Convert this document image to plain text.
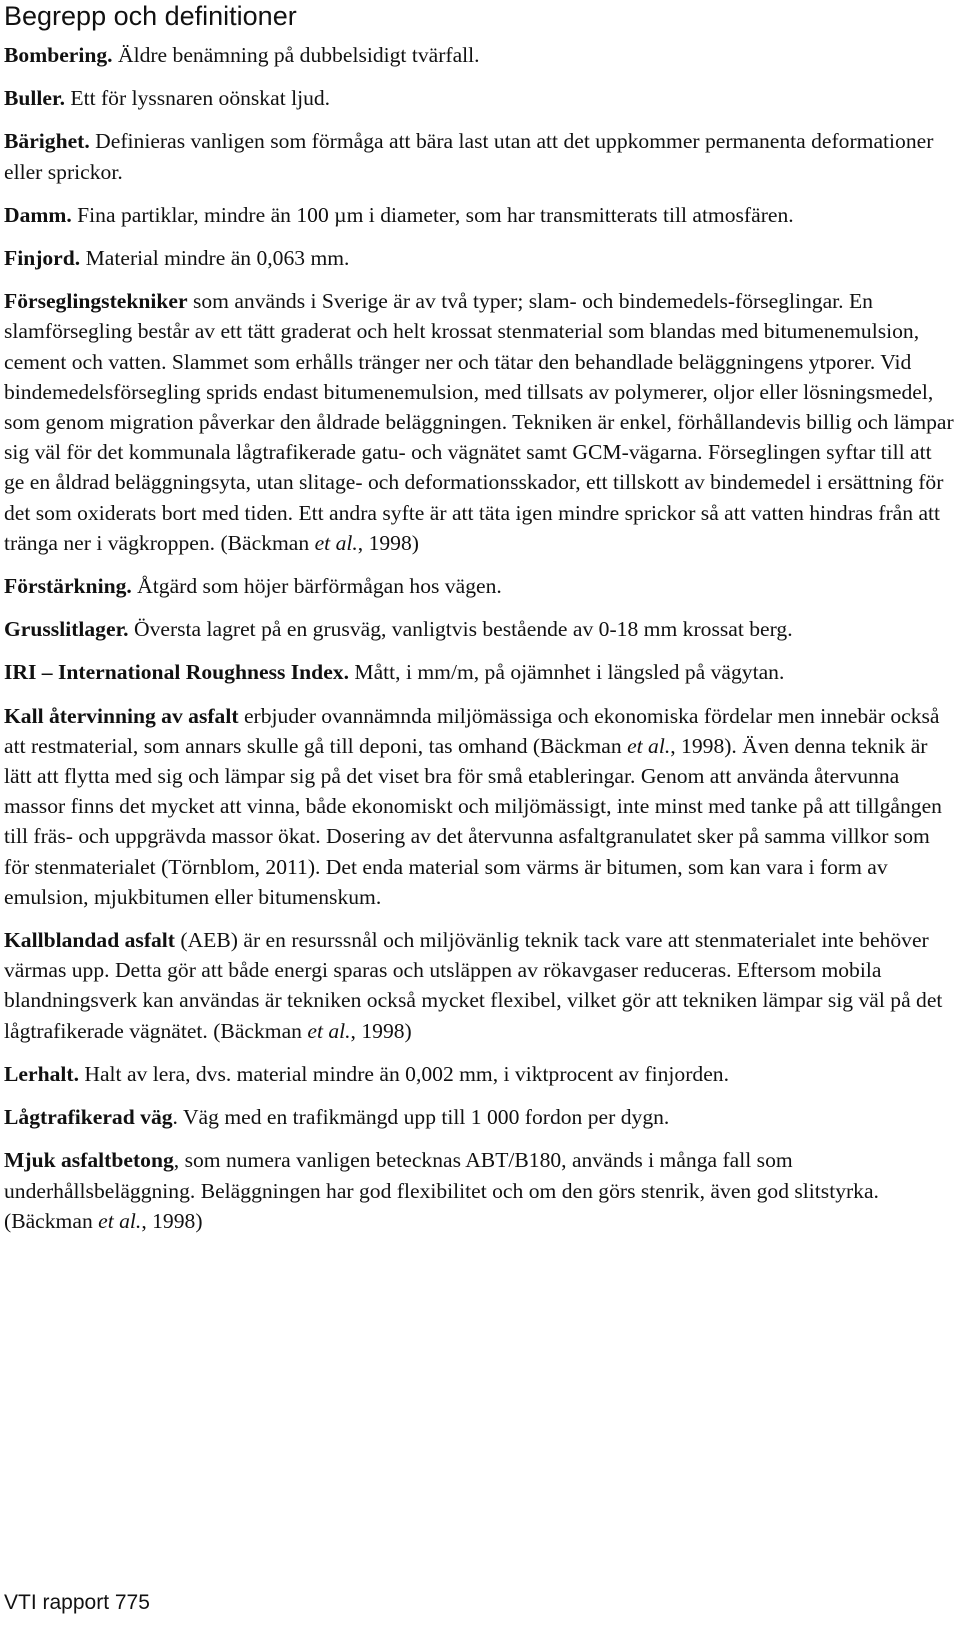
Begrepp och definitioner

Bombering. Äldre benämning på dubbelsidigt tvärfall.

Buller. Ett för lyssnaren oönskat ljud.

Bärighet. Definieras vanligen som förmåga att bära last utan att det uppkommer permanenta deformationer eller sprickor.

Damm. Fina partiklar, mindre än 100 µm i diameter, som har transmitterats till atmosfären.

Finjord. Material mindre än 0,063 mm.

Förseglingstekniker som används i Sverige är av två typer; slam- och bindemedels-förseglingar. En slamförsegling består av ett tätt graderat och helt krossat stenmaterial som blandas med bitumenemulsion, cement och vatten. Slammet som erhålls tränger ner och tätar den behandlade beläggningens ytporer. Vid bindemedelsförsegling sprids endast bitumenemulsion, med tillsats av polymerer, oljor eller lösningsmedel, som genom migration påverkar den åldrade beläggningen. Tekniken är enkel, förhållandevis billig och lämpar sig väl för det kommunala lågtrafikerade gatu- och vägnätet samt GCM-vägarna. Förseglingen syftar till att ge en åldrad beläggningsyta, utan slitage- och deformationsskador, ett tillskott av bindemedel i ersättning för det som oxiderats bort med tiden. Ett andra syfte är att täta igen mindre sprickor så att vatten hindras från att tränga ner i vägkroppen. (Bäckman et al., 1998)

Förstärkning. Åtgärd som höjer bärförmågan hos vägen.

Grusslitlager. Översta lagret på en grusväg, vanligtvis bestående av 0-18 mm krossat berg.

IRI – International Roughness Index. Mått, i mm/m, på ojämnhet i längsled på vägytan.

Kall återvinning av asfalt erbjuder ovannämnda miljömässiga och ekonomiska fördelar men innebär också att restmaterial, som annars skulle gå till deponi, tas omhand (Bäckman et al., 1998). Även denna teknik är lätt att flytta med sig och lämpar sig på det viset bra för små etableringar. Genom att använda återvunna massor finns det mycket att vinna, både ekonomiskt och miljömässigt, inte minst med tanke på att tillgången till fräs- och uppgrävda massor ökat. Dosering av det återvunna asfaltgranulatet sker på samma villkor som för stenmaterialet (Törnblom, 2011). Det enda material som värms är bitumen, som kan vara i form av emulsion, mjukbitumen eller bitumenskum.

Kallblandad asfalt (AEB) är en resurssnål och miljövänlig teknik tack vare att stenmaterialet inte behöver värmas upp. Detta gör att både energi sparas och utsläppen av rökavgaser reduceras. Eftersom mobila blandningsverk kan användas är tekniken också mycket flexibel, vilket gör att tekniken lämpar sig väl på det lågtrafikerade vägnätet. (Bäckman et al., 1998)

Lerhalt. Halt av lera, dvs. material mindre än 0,002 mm, i viktprocent av finjorden.

Lågtrafikerad väg. Väg med en trafikmängd upp till 1 000 fordon per dygn.

Mjuk asfaltbetong, som numera vanligen betecknas ABT/B180, används i många fall som underhållsbeläggning. Beläggningen har god flexibilitet och om den görs stenrik, även god slitstyrka. (Bäckman et al., 1998)

VTI rapport 775
